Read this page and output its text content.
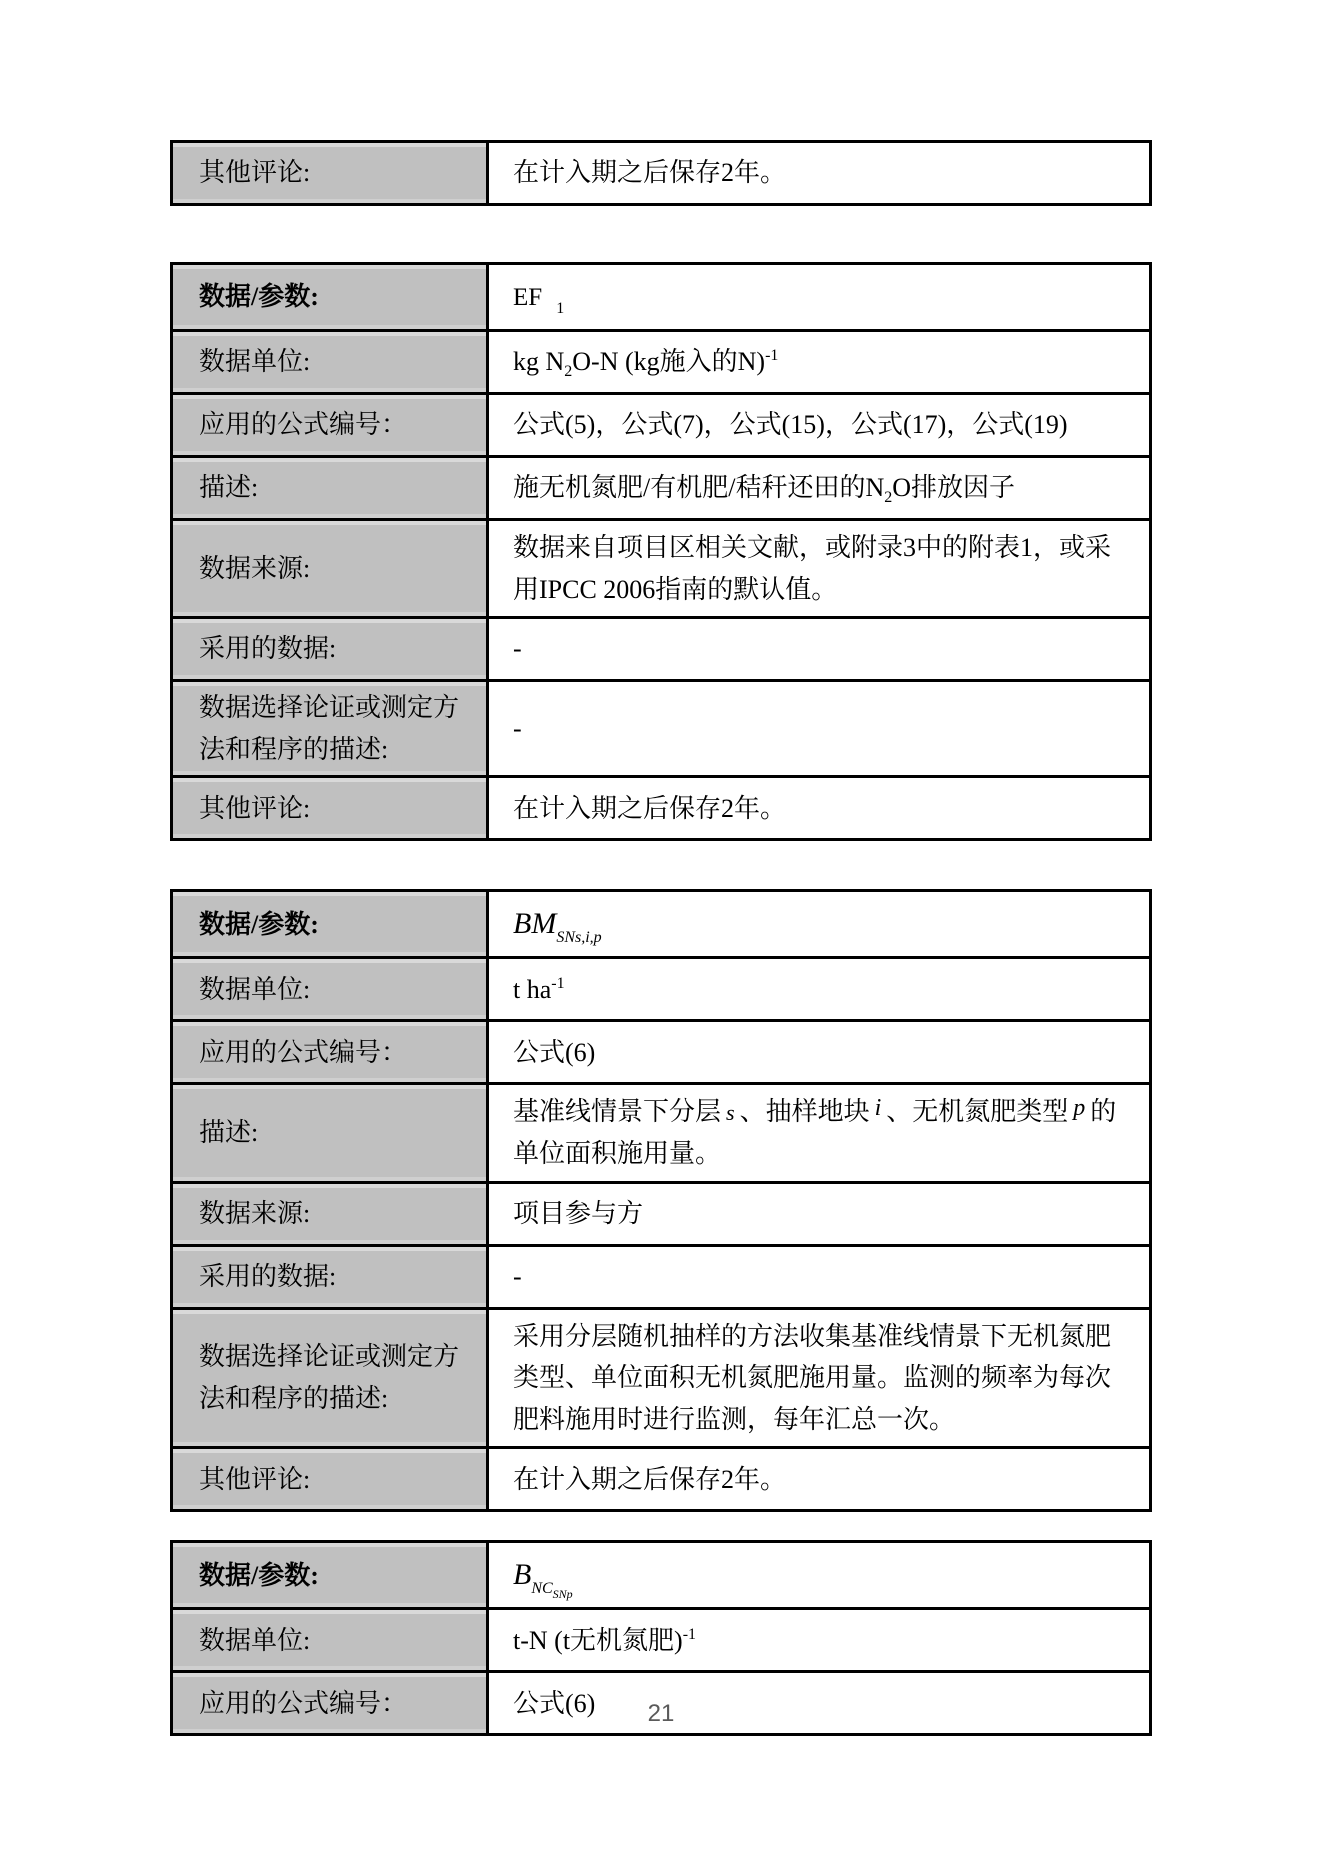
其他评论:	在计入期之后保存2年。
数据/参数:	EF $_1$
数据单位:	kg $N_2O-N$ (kg施入的N)$^{-1}$
应用的公式编号：	公式(5)，公式(7)，公式(15)，公式(17)，公式(19)
描述:	施无机氮肥/有机肥/秸秆还田的$N_2O$排放因子
数据来源:
数据来自项目区相关文献，或附录3中的附表1，或采用IPCC 2006指南的默认值。
采用的数据:	-
数据选择论证或测定方法和程序的描述:
-
其他评论:	在计入期之后保存2年。
数据/参数:	$BM_{SNs,i,p}$
数据单位:	t $ha^{-1}$
应用的公式编号：	公式(6)
描述:
基准线情景下分层 s 、抽样地块 i 、无机氮肥类型 p 的单位面积施用量。
数据来源:	项目参与方
采用的数据:	-
数据选择论证或测定方法和程序的描述:
采用分层随机抽样的方法收集基准线情景下无机氮肥类型、单位面积无机氮肥施用量。监测的频率为每次肥料施用时进行监测，每年汇总一次。
其他评论:	在计入期之后保存2年。
数据/参数:	$B_{NCSNp}$
数据单位:	t-N (t无机氮肥)$^{-1}$
应用的公式编号：	公式(6)	21
